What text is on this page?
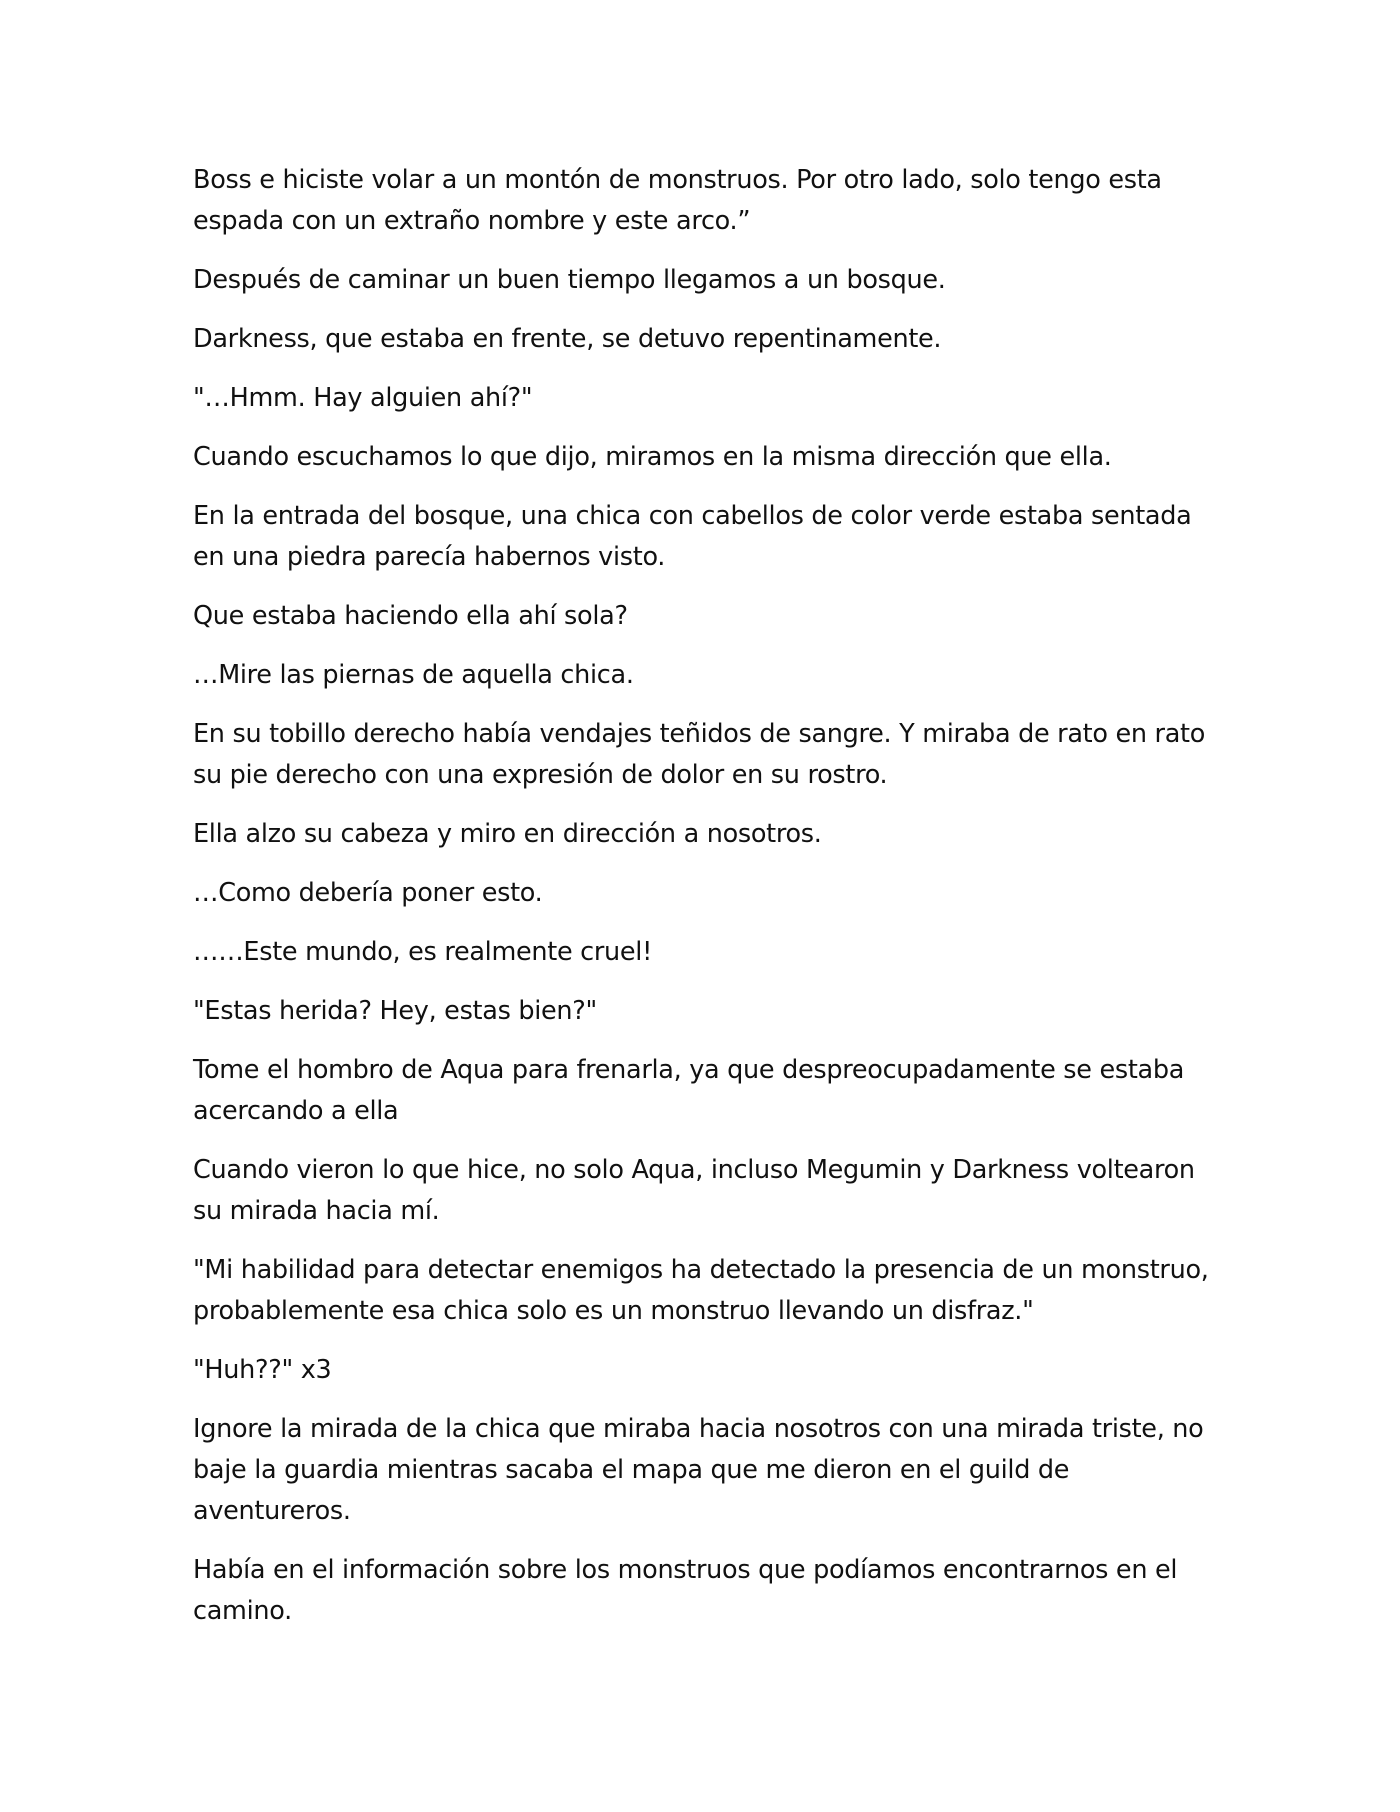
Boss e hiciste volar a un montón de monstruos. Por otro lado, solo tengo esta espada con un extraño nombre y este arco.”

Después de caminar un buen tiempo llegamos a un bosque.

Darkness, que estaba en frente, se detuvo repentinamente.

"…Hmm. Hay alguien ahí?"

Cuando escuchamos lo que dijo, miramos en la misma dirección que ella.

En la entrada del bosque, una chica con cabellos de color verde estaba sentada en una piedra parecía habernos visto.

Que estaba haciendo ella ahí sola?

…Mire las piernas de aquella chica.

En su tobillo derecho había vendajes teñidos de sangre. Y miraba de rato en rato su pie derecho con una expresión de dolor en su rostro.

Ella alzo su cabeza y miro en dirección a nosotros.

…Como debería poner esto.

……Este mundo, es realmente cruel!

"Estas herida? Hey, estas bien?"

Tome el hombro de Aqua para frenarla, ya que despreocupadamente se estaba acercando a ella

Cuando vieron lo que hice, no solo Aqua, incluso Megumin y Darkness voltearon su mirada hacia mí.

"Mi habilidad para detectar enemigos ha detectado la presencia de un monstruo, probablemente esa chica solo es un monstruo llevando un disfraz."

"Huh??" x3

Ignore la mirada de la chica que miraba hacia nosotros con una mirada triste, no baje la guardia mientras sacaba el mapa que me dieron en el guild de aventureros.

Había en el información sobre los monstruos que podíamos encontrarnos en el camino.
